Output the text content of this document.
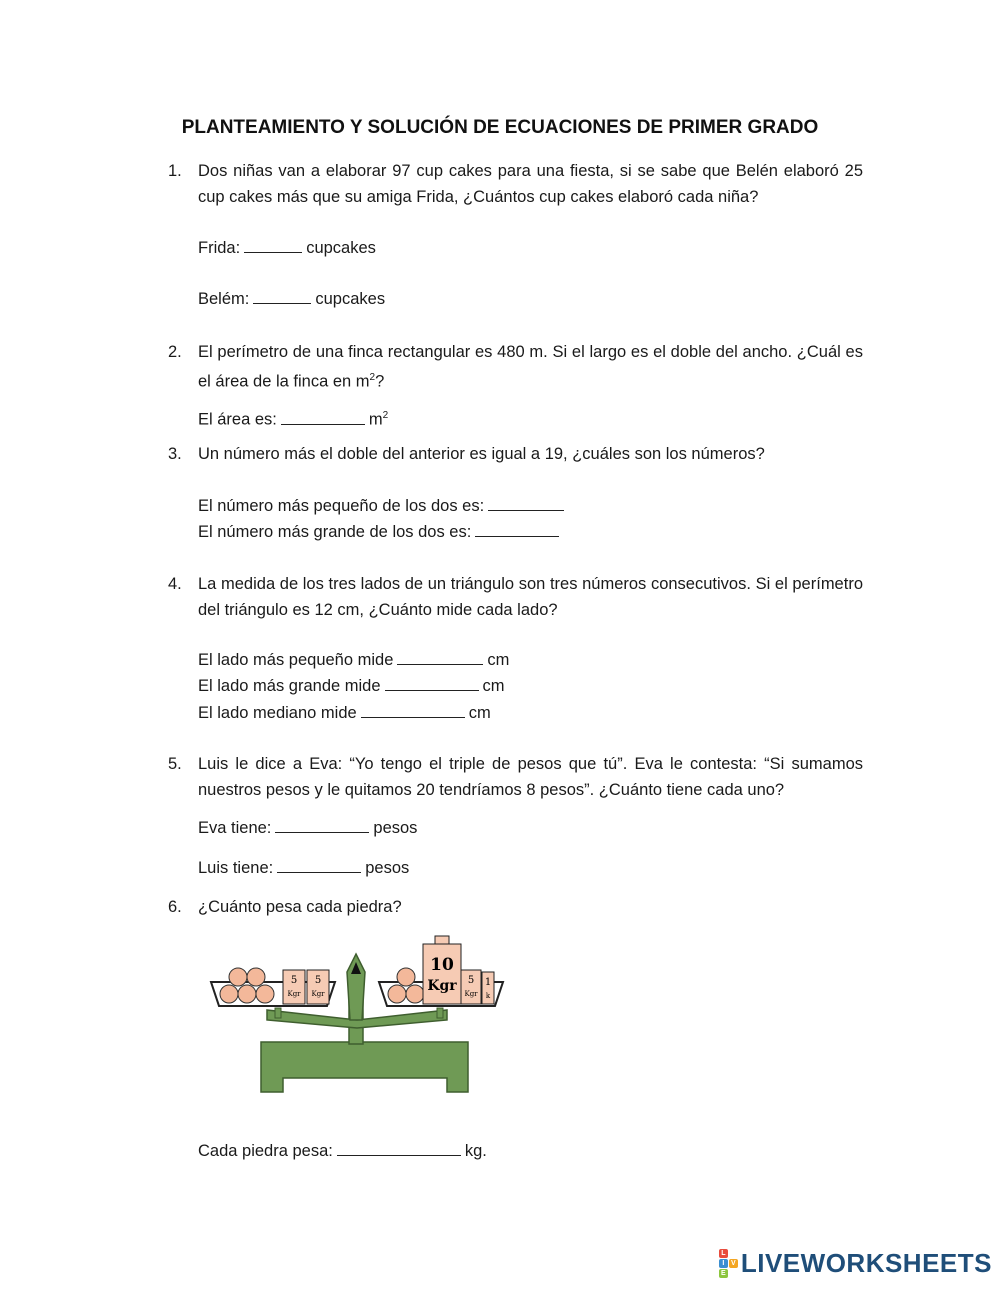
PLANTEAMIENTO Y SOLUCIÓN DE ECUACIONES DE PRIMER GRADO
1. Dos niñas van a elaborar 97 cup cakes para una fiesta, si se sabe que Belén elaboró 25 cup cakes más que su amiga Frida, ¿Cuántos cup cakes elaboró cada niña?
Frida:	cupcakes
Belém:	cupcakes
2. El perímetro de una finca rectangular es 480 m. Si el largo es el doble del ancho. ¿Cuál es el área de la finca en $m^2$?
El área es:	$m^2$
3. Un número más el doble del anterior es igual a 19, ¿cuáles son los números?
El número más pequeño de los dos es:
El número más grande de los dos es:
4. La medida de los tres lados de un triángulo son tres números consecutivos. Si el perímetro del triángulo es 12 cm, ¿Cuánto mide cada lado?
El lado más pequeño mide	cm
El lado más grande mide	cm
El lado mediano mide	cm
5. Luis le dice a Eva: “Yo tengo el triple de pesos que tú”. Eva le contesta: “Si sumamos nuestros pesos y le quitamos 20 tendríamos 8 pesos”. ¿Cuánto tiene cada uno?
Eva tiene:	pesos
Luis tiene:	pesos
6. ¿Cuánto pesa cada piedra?
5
Kgr
5
Kgr
10
Kgr 5
Kgr
1
k
Cada piedra pesa:	kg.
L
I V
E LIVEWORKSHEETS
